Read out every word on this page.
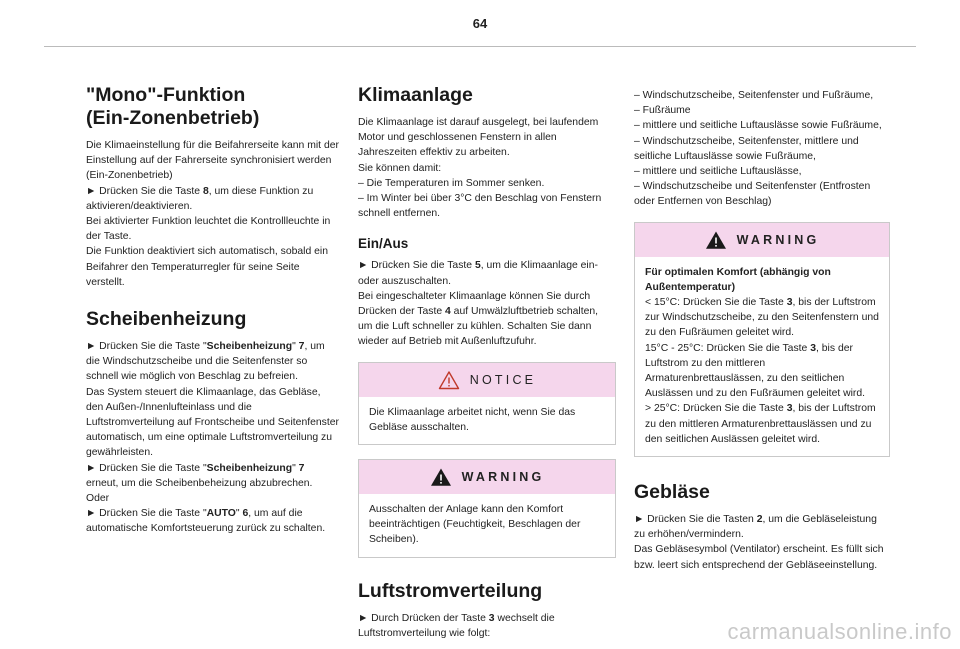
64
"Mono"-Funktion
(Ein-Zonenbetrieb)

Die Klimaeinstellung für die Beifahrerseite kann mit der Einstellung auf der Fahrerseite synchronisiert werden (Ein-Zonenbetrieb)

► Drücken Sie die Taste 8, um diese Funktion zu aktivieren/deaktivieren.

Bei aktivierter Funktion leuchtet die Kontrollleuchte in der Taste.

Die Funktion deaktiviert sich automatisch, sobald ein Beifahrer den Temperaturregler für seine Seite verstellt.

Scheibenheizung

► Drücken Sie die Taste "Scheibenheizung" 7, um die Windschutzscheibe und die Seitenfenster so schnell wie möglich von Beschlag zu befreien.

Das System steuert die Klimaanlage, das Gebläse, den Außen-/Innenlufteinlass und die Luftstromverteilung auf Frontscheibe und Seitenfenster automatisch, um eine optimale Luftstromverteilung zu gewährleisten.

► Drücken Sie die Taste "Scheibenheizung" 7 erneut, um die Scheibenbeheizung abzubrechen.

Oder

► Drücken Sie die Taste "AUTO" 6, um auf die automatische Komfortsteuerung zurück zu schalten.

Klimaanlage

Die Klimaanlage ist darauf ausgelegt, bei laufendem Motor und geschlossenen Fenstern in allen Jahreszeiten effektiv zu arbeiten.

Sie können damit:

– Die Temperaturen im Sommer senken.

– Im Winter bei über 3°C den Beschlag von Fenstern schnell entfernen.

Ein/Aus

► Drücken Sie die Taste 5, um die Klimaanlage ein- oder auszuschalten.

Bei eingeschalteter Klimaanlage können Sie durch Drücken der Taste 4 auf Umwälzluftbetrieb schalten, um die Luft schneller zu kühlen. Schalten Sie dann wieder auf Betrieb mit Außenluftzufuhr.

NOTICE

Die Klimaanlage arbeitet nicht, wenn Sie das Gebläse ausschalten.

WARNING

Ausschalten der Anlage kann den Komfort beeinträchtigen (Feuchtigkeit, Beschlagen der Scheiben).

Luftstromverteilung

► Durch Drücken der Taste 3 wechselt die Luftstromverteilung wie folgt:

– Windschutzscheibe, Seitenfenster und Fußräume,

– Fußräume

– mittlere und seitliche Luftauslässe sowie Fußräume,

– Windschutzscheibe, Seitenfenster, mittlere und seitliche Luftauslässe sowie Fußräume,

– mittlere und seitliche Luftauslässe,

– Windschutzscheibe und Seitenfenster (Entfrosten oder Entfernen von Beschlag)

WARNING

Für optimalen Komfort (abhängig von Außentemperatur)

< 15°C: Drücken Sie die Taste 3, bis der Luftstrom zur Windschutzscheibe, zu den Seitenfenstern und zu den Fußräumen geleitet wird.

15°C - 25°C: Drücken Sie die Taste 3, bis der Luftstrom zu den mittleren Armaturenbrettauslässen, zu den seitlichen Auslässen und zu den Fußräumen geleitet wird.

> 25°C: Drücken Sie die Taste 3, bis der Luftstrom zu den mittleren Armaturenbrettauslässen und zu den seitlichen Auslässen geleitet wird.

Gebläse

► Drücken Sie die Tasten 2, um die Gebläseleistung zu erhöhen/vermindern.

Das Gebläsesymbol (Ventilator) erscheint. Es füllt sich bzw. leert sich entsprechend der Gebläseeinstellung.

carmanualsonline.info
